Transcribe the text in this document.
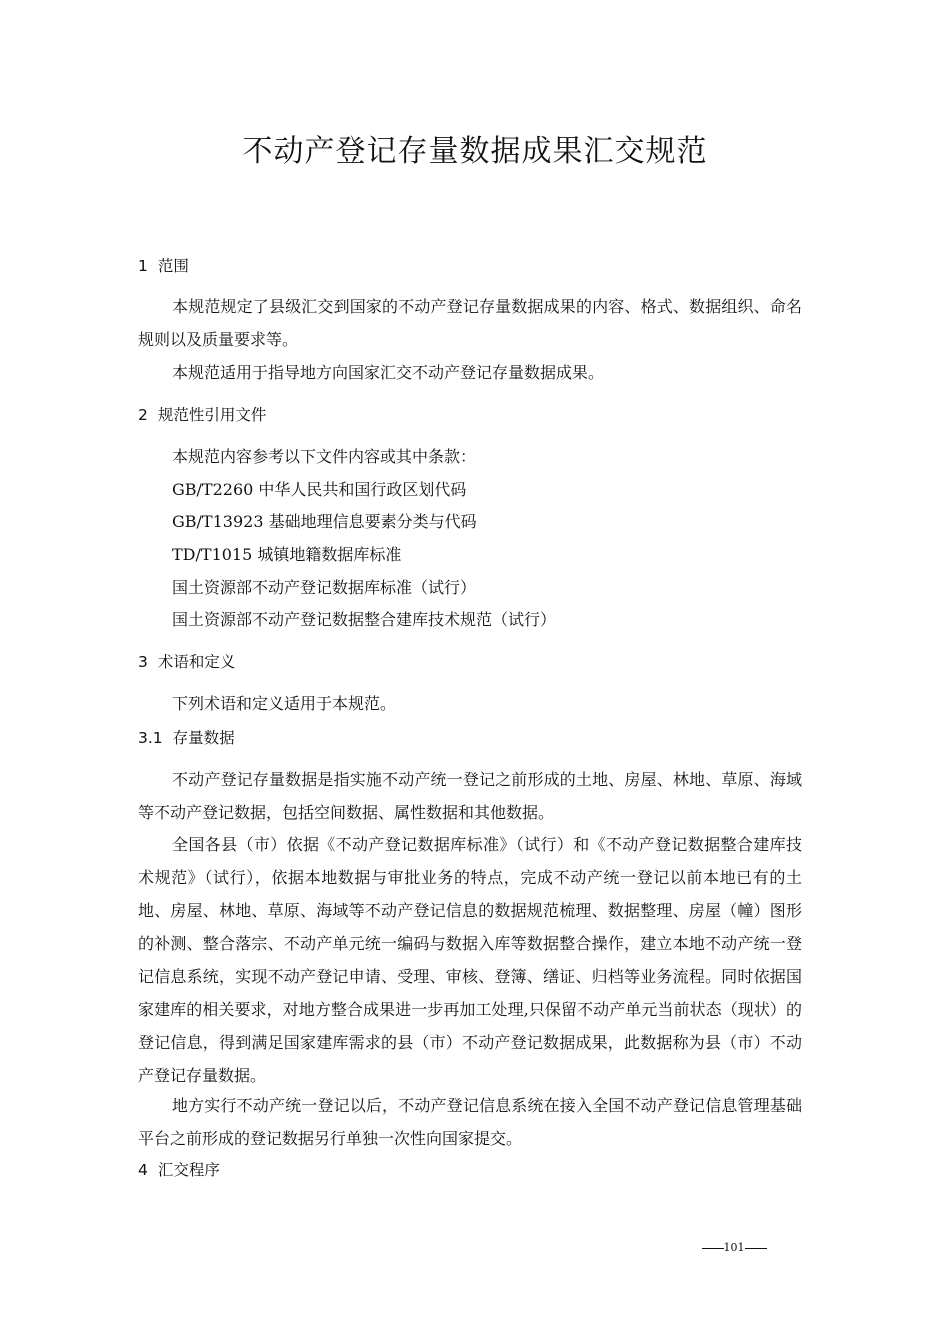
不动产登记存量数据成果汇交规范
1 范围
本规范规定了县级汇交到国家的不动产登记存量数据成果的内容、格式、数据组织、命名规则以及质量要求等。
本规范适用于指导地方向国家汇交不动产登记存量数据成果。
2 规范性引用文件
本规范内容参考以下文件内容或其中条款：
GB/T2260 中华人民共和国行政区划代码
GB/T13923 基础地理信息要素分类与代码
TD/T1015 城镇地籍数据库标准
国土资源部不动产登记数据库标准（试行）
国土资源部不动产登记数据整合建库技术规范（试行）
3 术语和定义
下列术语和定义适用于本规范。
3.1 存量数据
不动产登记存量数据是指实施不动产统一登记之前形成的土地、房屋、林地、草原、海域等不动产登记数据，包括空间数据、属性数据和其他数据。
全国各县（市）依据《不动产登记数据库标准》（试行）和《不动产登记数据整合建库技术规范》（试行），依据本地数据与审批业务的特点，完成不动产统一登记以前本地已有的土地、房屋、林地、草原、海域等不动产登记信息的数据规范梳理、数据整理、房屋（幢）图形的补测、整合落宗、不动产单元统一编码与数据入库等数据整合操作，建立本地不动产统一登记信息系统，实现不动产登记申请、受理、审核、登簿、缮证、归档等业务流程。同时依据国家建库的相关要求，对地方整合成果进一步再加工处理,只保留不动产单元当前状态（现状）的登记信息，得到满足国家建库需求的县（市）不动产登记数据成果，此数据称为县（市）不动产登记存量数据。
地方实行不动产统一登记以后，不动产登记信息系统在接入全国不动产登记信息管理基础平台之前形成的登记数据另行单独一次性向国家提交。
4 汇交程序
101
